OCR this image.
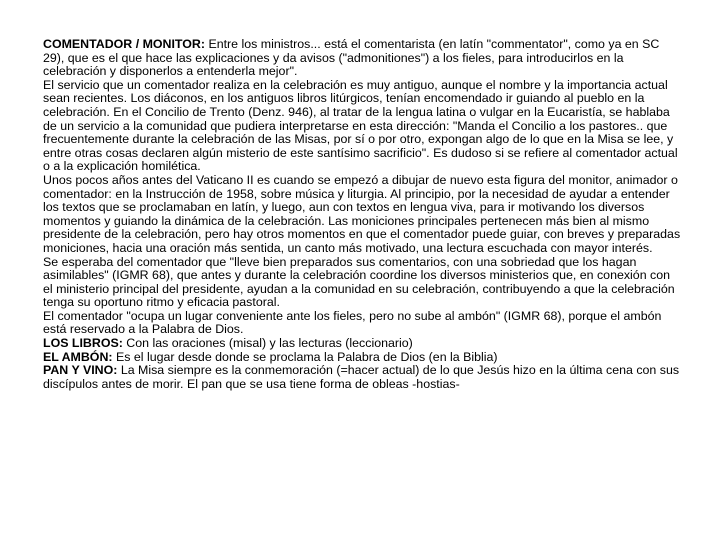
COMENTADOR / MONITOR: Entre los ministros... está el comentarista (en latín "commentator", como ya en SC 29), que es el que hace las explicaciones y da avisos ("admonitiones") a los fieles, para introducirlos en la celebración y disponerlos a entenderla mejor".

El servicio que un comentador realiza en la celebración es muy antiguo, aunque el nombre y la importancia actual sean recientes. Los diáconos, en los antiguos libros litúrgicos, tenían encomendado ir guiando al pueblo en la celebración. En el Concilio de Trento (Denz. 946), al tratar de la lengua latina o vulgar en la Eucaristía, se hablaba de un servicio a la comunidad que pudiera interpretarse en esta dirección: "Manda el Concilio a los pastores.. que frecuentemente durante la celebración de las Misas, por sí o por otro, expongan algo de lo que en la Misa se lee, y entre otras cosas declaren algún misterio de este santísimo sacrificio". Es dudoso si se refiere al comentador actual o a la explicación homilética.

Unos pocos años antes del Vaticano II es cuando se empezó a dibujar de nuevo esta figura del monitor, animador o comentador: en la Instrucción de 1958, sobre música y liturgia. Al principio, por la necesidad de ayudar a entender los textos que se proclamaban en latín, y luego, aun con textos en lengua viva, para ir motivando los diversos momentos y guiando la dinámica de la celebración. Las moniciones principales pertenecen más bien al mismo presidente de la celebración, pero hay otros momentos en que el comentador puede guiar, con breves y preparadas moniciones, hacia una oración más sentida, un canto más motivado, una lectura escuchada con mayor interés.

Se esperaba del comentador que "lleve bien preparados sus comentarios, con una sobriedad que los hagan asimilables" (IGMR 68), que antes y durante la celebración coordine los diversos ministerios que, en conexión con el ministerio principal del presidente, ayudan a la comunidad en su celebración, contribuyendo a que la celebración tenga su oportuno ritmo y eficacia pastoral.

El comentador "ocupa un lugar conveniente ante los fieles, pero no sube al ambón" (IGMR 68), porque el ambón está reservado a la Palabra de Dios.

LOS LIBROS: Con las oraciones (misal) y las lecturas (leccionario)

EL AMBÓN: Es el lugar desde donde se proclama la Palabra de Dios (en la Biblia)

PAN Y VINO: La Misa siempre es la conmemoración (=hacer actual) de lo que Jesús hizo en la última cena con sus discípulos antes de morir. El pan que se usa tiene forma de obleas -hostias-
